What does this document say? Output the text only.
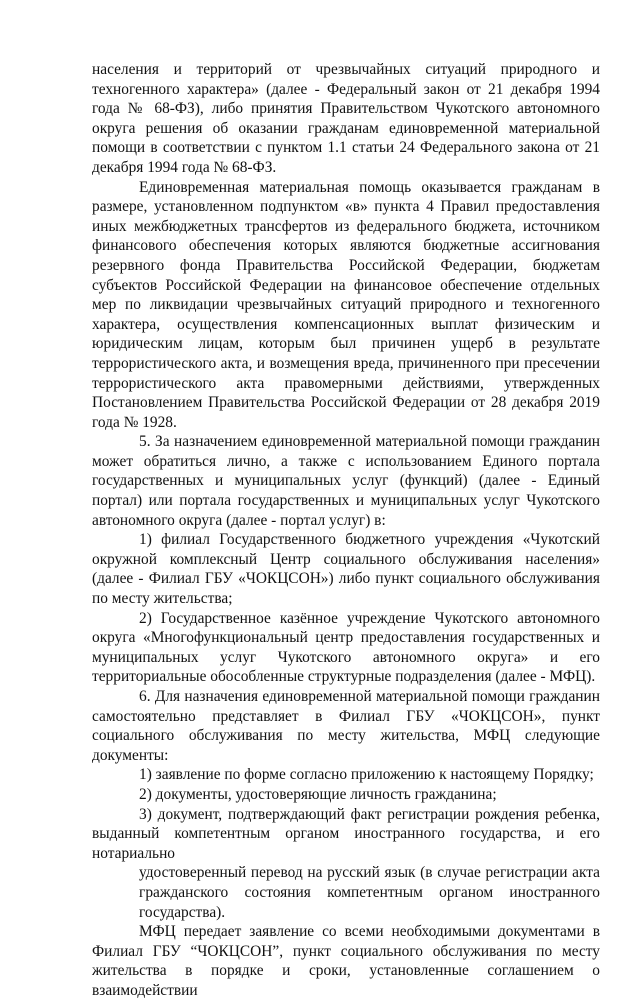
населения и территорий от чрезвычайных ситуаций природного и техногенного характера» (далее - Федеральный закон от 21 декабря 1994 года № 68-ФЗ), либо принятия Правительством Чукотского автономного округа решения об оказании гражданам единовременной материальной помощи в соответствии с пунктом 1.1 статьи 24 Федерального закона от 21 декабря 1994 года № 68-ФЗ.

Единовременная материальная помощь оказывается гражданам в размере, установленном подпунктом «в» пункта 4 Правил предоставления иных межбюджетных трансфертов из федерального бюджета, источником финансового обеспечения которых являются бюджетные ассигнования резервного фонда Правительства Российской Федерации, бюджетам субъектов Российской Федерации на финансовое обеспечение отдельных мер по ликвидации чрезвычайных ситуаций природного и техногенного характера, осуществления компенсационных выплат физическим и юридическим лицам, которым был причинен ущерб в результате террористического акта, и возмещения вреда, причиненного при пресечении террористического акта правомерными действиями, утвержденных Постановлением Правительства Российской Федерации от 28 декабря 2019 года № 1928.

5. За назначением единовременной материальной помощи гражданин может обратиться лично, а также с использованием Единого портала государственных и муниципальных услуг (функций) (далее - Единый портал) или портала государственных и муниципальных услуг Чукотского автономного округа (далее - портал услуг) в:

1) филиал Государственного бюджетного учреждения «Чукотский окружной комплексный Центр социального обслуживания населения» (далее - Филиал ГБУ «ЧОКЦСОН») либо пункт социального обслуживания по месту жительства;

2) Государственное казённое учреждение Чукотского автономного округа «Многофункциональный центр предоставления государственных и муниципальных услуг Чукотского автономного округа» и его территориальные обособленные структурные подразделения (далее - МФЦ).

6. Для назначения единовременной материальной помощи гражданин самостоятельно представляет в Филиал ГБУ «ЧОКЦСОН», пункт социального обслуживания по месту жительства, МФЦ следующие документы:

1) заявление по форме согласно приложению к настоящему Порядку;

2) документы, удостоверяющие личность гражданина;

3) документ, подтверждающий факт регистрации рождения ребенка, выданный компетентным органом иностранного государства, и его нотариально

удостоверенный перевод на русский язык (в случае регистрации акта гражданского состояния компетентным органом иностранного государства).

МФЦ передает заявление со всеми необходимыми документами в Филиал ГБУ “ЧОКЦСОН”, пункт социального обслуживания по месту жительства в порядке и сроки, установленные соглашением о взаимодействии
